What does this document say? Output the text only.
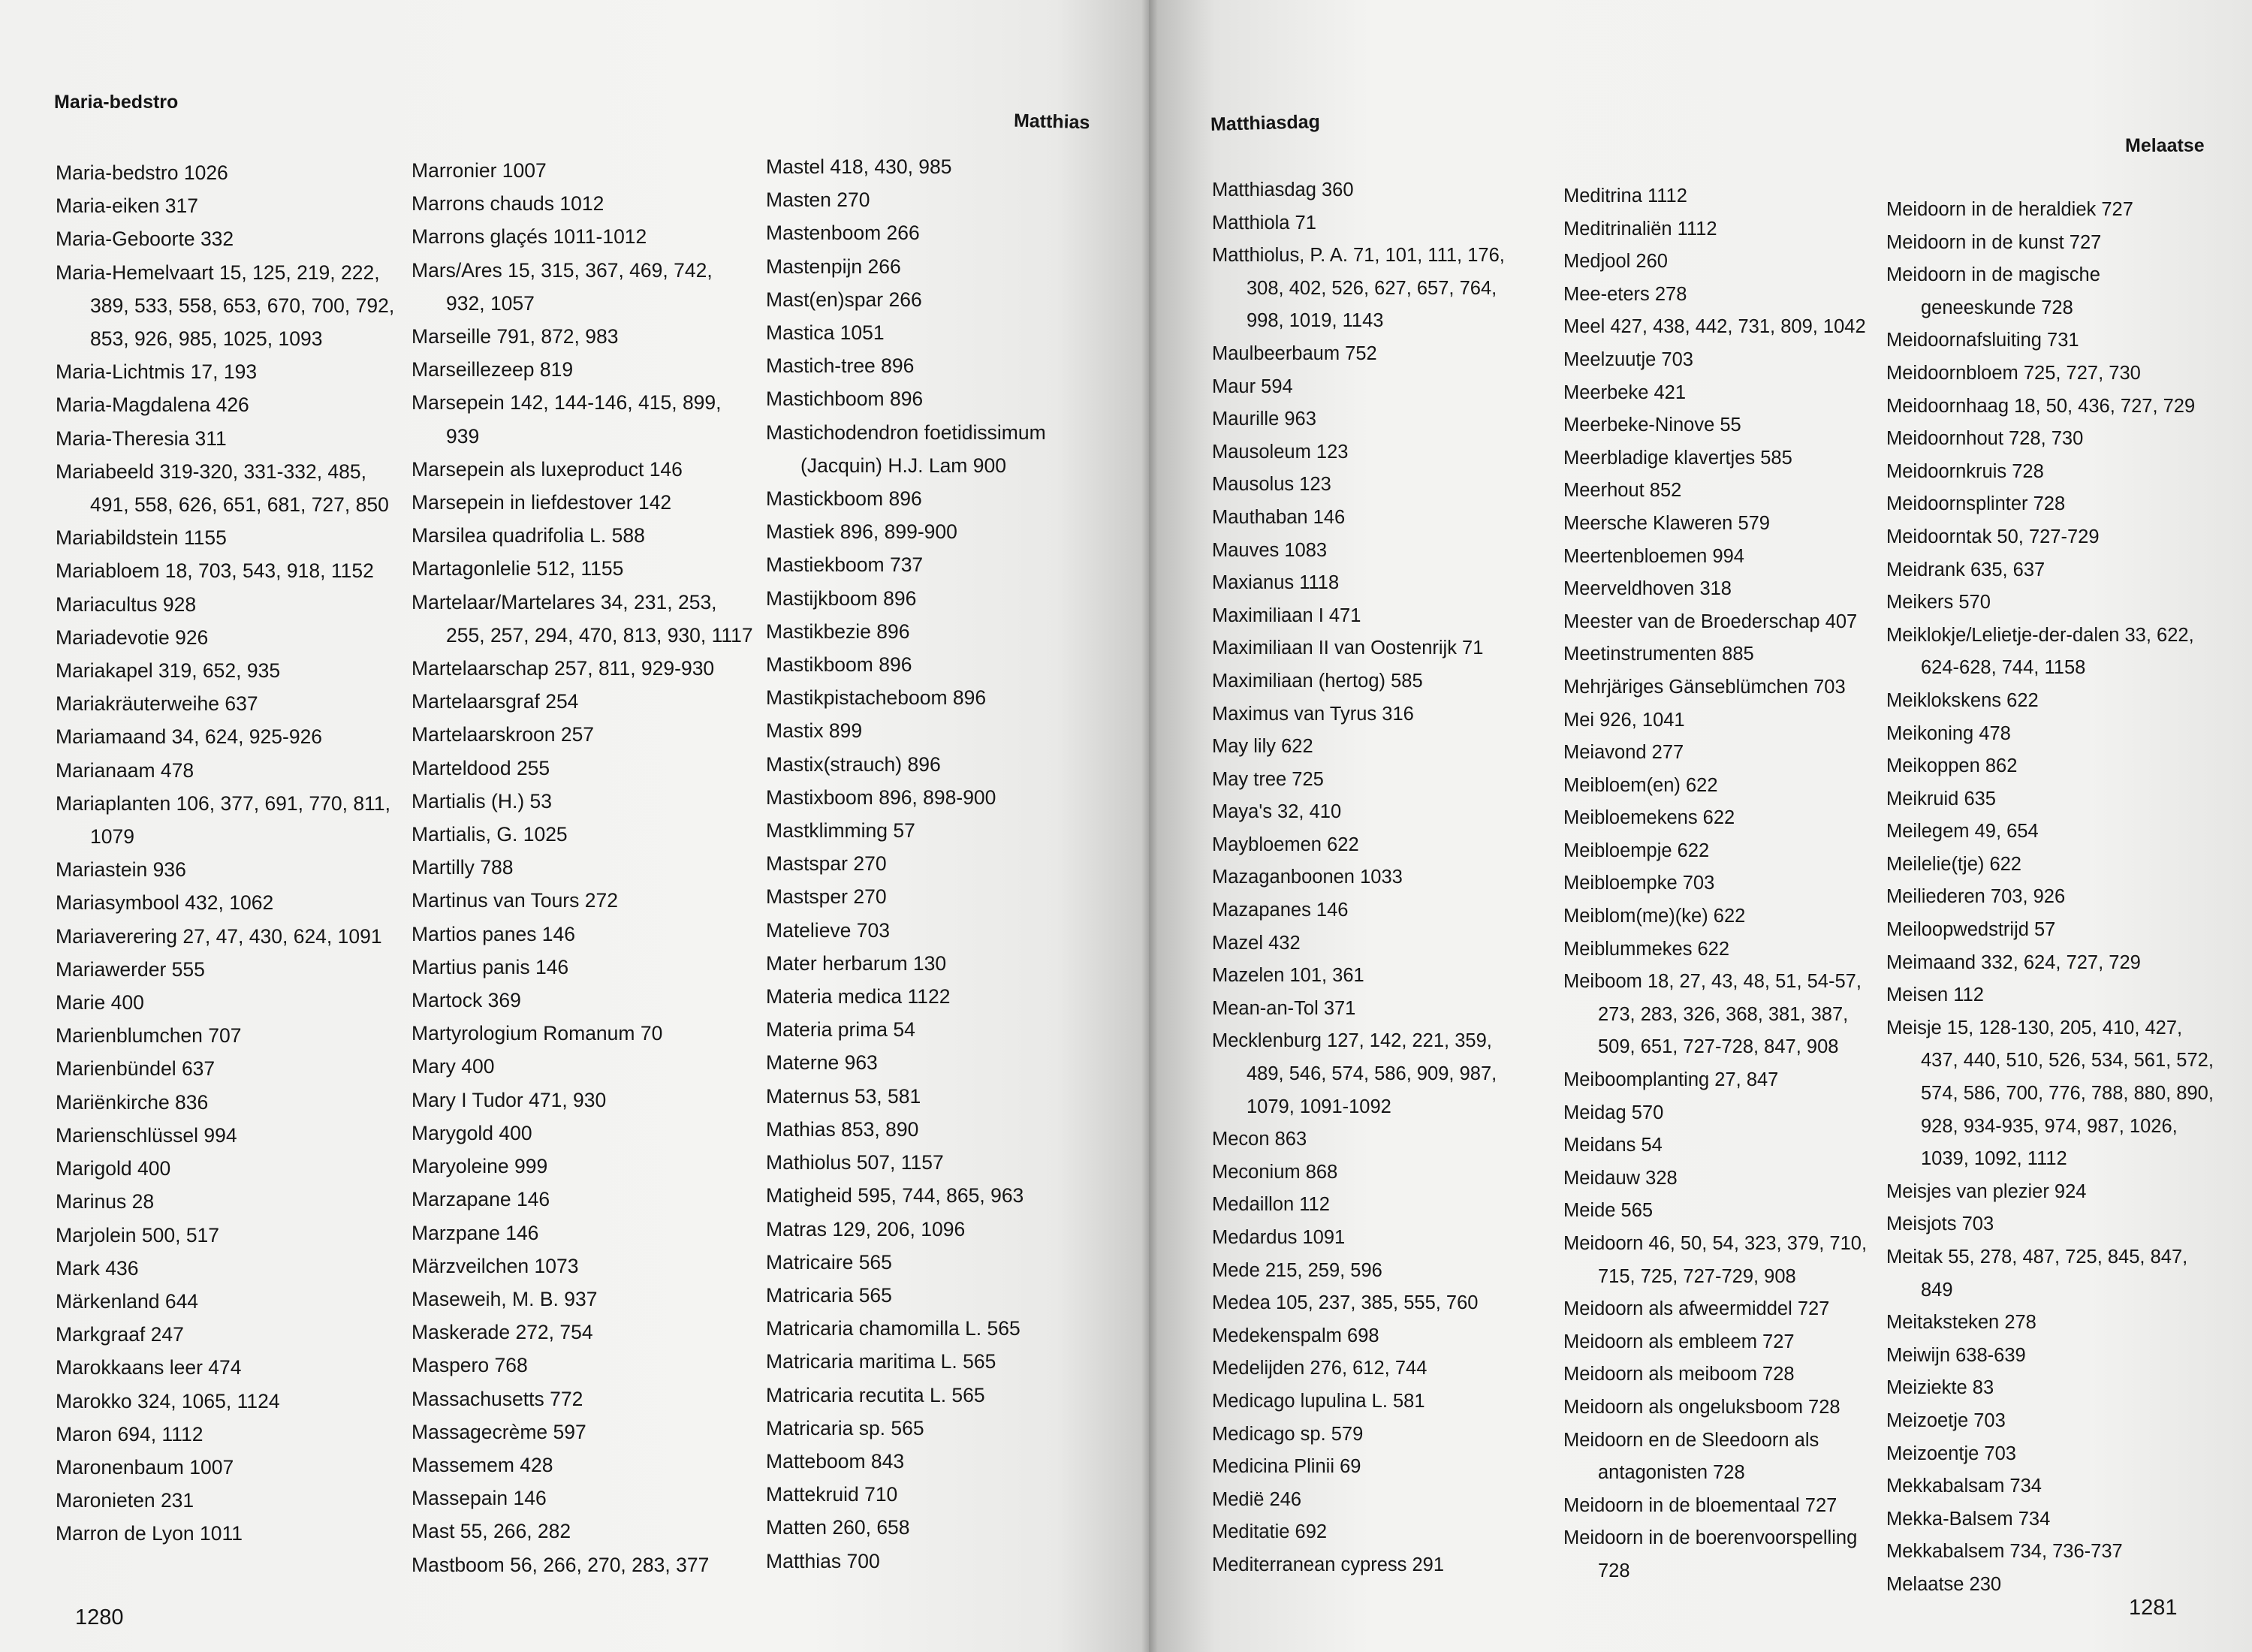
Maria-bedstro
Matthias
Maria-bedstro 1026
Maria-eiken 317
Maria-Geboorte 332
Maria-Hemelvaart 15, 125, 219, 222, 389, 533, 558, 653, 670, 700, 792, 853, 926, 985, 1025, 1093
Maria-Lichtmis 17, 193
Maria-Magdalena 426
Maria-Theresia 311
Mariabeeld 319-320, 331-332, 485, 491, 558, 626, 651, 681, 727, 850
Mariabildstein 1155
Mariabloem 18, 703, 543, 918, 1152
Mariacultus 928
Mariadevotie 926
Mariakapel 319, 652, 935
Mariakräuterweihe 637
Mariamaand 34, 624, 925-926
Marianaam 478
Mariaplanten 106, 377, 691, 770, 811, 1079
Mariastein 936
Mariasymbool 432, 1062
Mariaverering 27, 47, 430, 624, 1091
Mariawerder 555
Marie 400
Marienblumchen 707
Marienbündel 637
Mariënkirche 836
Marienschlüssel 994
Marigold 400
Marinus 28
Marjolein 500, 517
Mark 436
Märkenland 644
Markgraaf 247
Marokkaans leer 474
Marokko 324, 1065, 1124
Maron 694, 1112
Maronenbaum 1007
Maronieten 231
Marron de Lyon 1011
Marronier 1007
Marrons chauds 1012
Marrons glaçés 1011-1012
Mars/Ares 15, 315, 367, 469, 742, 932, 1057
Marseille 791, 872, 983
Marseillezeep 819
Marsepein 142, 144-146, 415, 899, 939
Marsepein als luxeproduct 146
Marsepein in liefdestover 142
Marsilea quadrifolia L. 588
Martagonlelie 512, 1155
Martelaar/Martelares 34, 231, 253, 255, 257, 294, 470, 813, 930, 1117
Martelaarschap 257, 811, 929-930
Martelaarsgraf 254
Martelaarskroon 257
Marteldood 255
Martialis (H.) 53
Martialis, G. 1025
Martilly 788
Martinus van Tours 272
Martios panes 146
Martius panis 146
Martock 369
Martyrologium Romanum 70
Mary 400
Mary I Tudor 471, 930
Marygold 400
Maryoleine 999
Marzapane 146
Marzpane 146
Märzveilchen 1073
Maseweih, M. B. 937
Maskerade 272, 754
Maspero 768
Massachusetts 772
Massagecrème 597
Massemem 428
Massepain 146
Mast 55, 266, 282
Mastboom 56, 266, 270, 283, 377
Mastel 418, 430, 985
Masten 270
Mastenboom 266
Mastenpijn 266
Mast(en)spar 266
Mastica 1051
Mastich-tree 896
Mastichboom 896
Mastichodendron foetidissimum (Jacquin) H.J. Lam 900
Mastickboom 896
Mastiek 896, 899-900
Mastiekboom 737
Mastijkboom 896
Mastikbezie 896
Mastikboom 896
Mastikpistacheboom 896
Mastix 899
Mastix(strauch) 896
Mastixboom 896, 898-900
Mastklimming 57
Mastspar 270
Mastsper 270
Matelieve 703
Mater herbarum 130
Materia medica 1122
Materia prima 54
Materne 963
Maternus 53, 581
Mathias 853, 890
Mathiolus 507, 1157
Matigheid 595, 744, 865, 963
Matras 129, 206, 1096
Matricaire 565
Matricaria 565
Matricaria chamomilla L. 565
Matricaria maritima L. 565
Matricaria recutita L. 565
Matricaria sp. 565
Matteboom 843
Mattekruid 710
Matten 260, 658
Matthias 700
1280
Matthiasdag
Melaatse
Matthiasdag 360
Matthiola 71
Matthiolus, P. A. 71, 101, 111, 176, 308, 402, 526, 627, 657, 764, 998, 1019, 1143
Maulbeerbaum 752
Maur 594
Maurille 963
Mausoleum 123
Mausolus 123
Mauthaban 146
Mauves 1083
Maxianus 1118
Maximiliaan I 471
Maximiliaan II van Oostenrijk 71
Maximiliaan (hertog) 585
Maximus van Tyrus 316
May lily 622
May tree 725
Maya's 32, 410
Maybloemen 622
Mazaganboonen 1033
Mazapanes 146
Mazel 432
Mazelen 101, 361
Mean-an-Tol 371
Mecklenburg 127, 142, 221, 359, 489, 546, 574, 586, 909, 987, 1079, 1091-1092
Mecon 863
Meconium 868
Medaillon 112
Medardus 1091
Mede 215, 259, 596
Medea 105, 237, 385, 555, 760
Medekenspalm 698
Medelijden 276, 612, 744
Medicago lupulina L. 581
Medicago sp. 579
Medicina Plinii 69
Medië 246
Meditatie 692
Mediterranean cypress 291
Meditrina 1112
Meditrinaliën 1112
Medjool 260
Mee-eters 278
Meel 427, 438, 442, 731, 809, 1042
Meelzuutje 703
Meerbeke 421
Meerbeke-Ninove 55
Meerbladige klavertjes 585
Meerhout 852
Meersche Klaweren 579
Meertenbloemen 994
Meerveldhoven 318
Meester van de Broederschap 407
Meetinstrumenten 885
Mehrjäriges Gänseblümchen 703
Mei 926, 1041
Meiavond 277
Meibloem(en) 622
Meibloemekens 622
Meibloempje 622
Meibloempke 703
Meiblom(me)(ke) 622
Meiblummekes 622
Meiboom 18, 27, 43, 48, 51, 54-57, 273, 283, 326, 368, 381, 387, 509, 651, 727-728, 847, 908
Meiboomplanting 27, 847
Meidag 570
Meidans 54
Meidauw 328
Meide 565
Meidoorn 46, 50, 54, 323, 379, 710, 715, 725, 727-729, 908
Meidoorn als afweermiddel 727
Meidoorn als embleem 727
Meidoorn als meiboom 728
Meidoorn als ongeluksboom 728
Meidoorn en de Sleedoorn als antagonisten 728
Meidoorn in de bloementaal 727
Meidoorn in de boerenvoorspelling 728
Meidoorn in de heraldiek 727
Meidoorn in de kunst 727
Meidoorn in de magische geneeskunde 728
Meidoornafsluiting 731
Meidoornbloem 725, 727, 730
Meidoornhaag 18, 50, 436, 727, 729
Meidoornhout 728, 730
Meidoornkruis 728
Meidoornsplinter 728
Meidoorntak 50, 727-729
Meidrank 635, 637
Meikers 570
Meiklokje/Lelietje-der-dalen 33, 622, 624-628, 744, 1158
Meiklokskens 622
Meikoning 478
Meikoppen 862
Meikruid 635
Meilegem 49, 654
Meilelie(tje) 622
Meiliederen 703, 926
Meiloopwedstrijd 57
Meimaand 332, 624, 727, 729
Meisen 112
Meisje 15, 128-130, 205, 410, 427, 437, 440, 510, 526, 534, 561, 572, 574, 586, 700, 776, 788, 880, 890, 928, 934-935, 974, 987, 1026, 1039, 1092, 1112
Meisjes van plezier 924
Meisjots 703
Meitak 55, 278, 487, 725, 845, 847, 849
Meitaksteken 278
Meiwijn 638-639
Meiziekte 83
Meizoetje 703
Meizoentje 703
Mekkabalsam 734
Mekka-Balsem 734
Mekkabalsem 734, 736-737
Melaatse 230
1281
